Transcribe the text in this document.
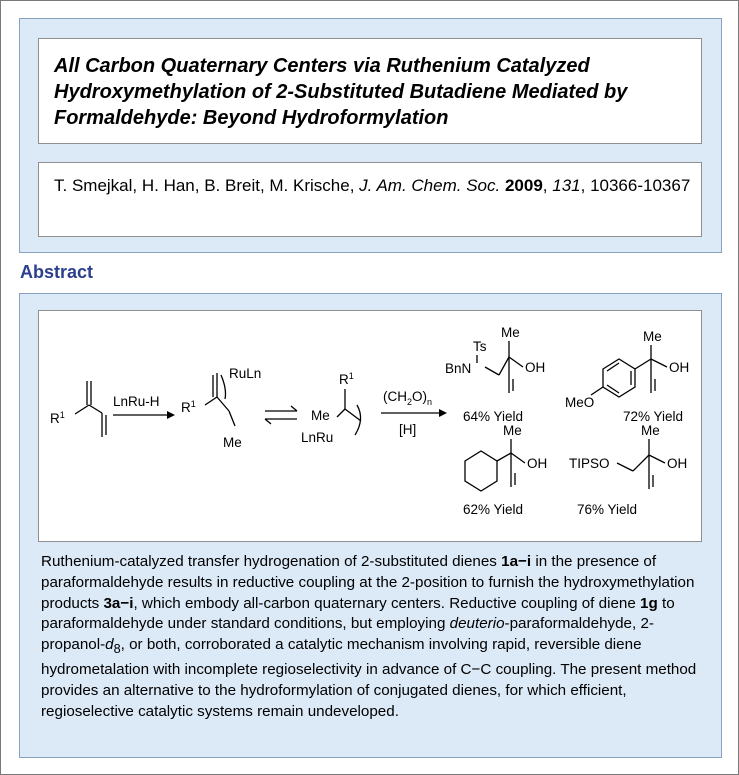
All Carbon Quaternary Centers via Ruthenium Catalyzed Hydroxymethylation of 2-Substituted Butadiene Mediated by Formaldehyde: Beyond Hydroformylation
T. Smejkal, H. Han, B. Breit, M. Krische, J. Am. Chem. Soc. 2009, 131, 10366-10367
Abstract
$R^1$
LnRu-H $R^1$
RuLn
Me
$R^1$
Me
LnRu
$(CH_2O)_n$
[H]
Ts
BnN
Me
OH
64% Yield
Me
OH
MeO
72% Yield
Me
OH
62% Yield
TIPSO
Me
OH
76% Yield
Ruthenium-catalyzed transfer hydrogenation of 2-substituted dienes 1a−i in the presence of paraformaldehyde results in reductive coupling at the 2-position to furnish the hydroxymethylation products 3a−i, which embody all-carbon quaternary centers. Reductive coupling of diene 1g to paraformaldehyde under standard conditions, but employing deuterio-paraformaldehyde, $2-propanol-d_8$, or both, corroborated a catalytic mechanism involving rapid, reversible diene hydrometalation with incomplete regioselectivity in advance of C−C coupling. The present method provides an alternative to the hydroformylation of conjugated dienes, for which efficient, regioselective catalytic systems remain undeveloped.
